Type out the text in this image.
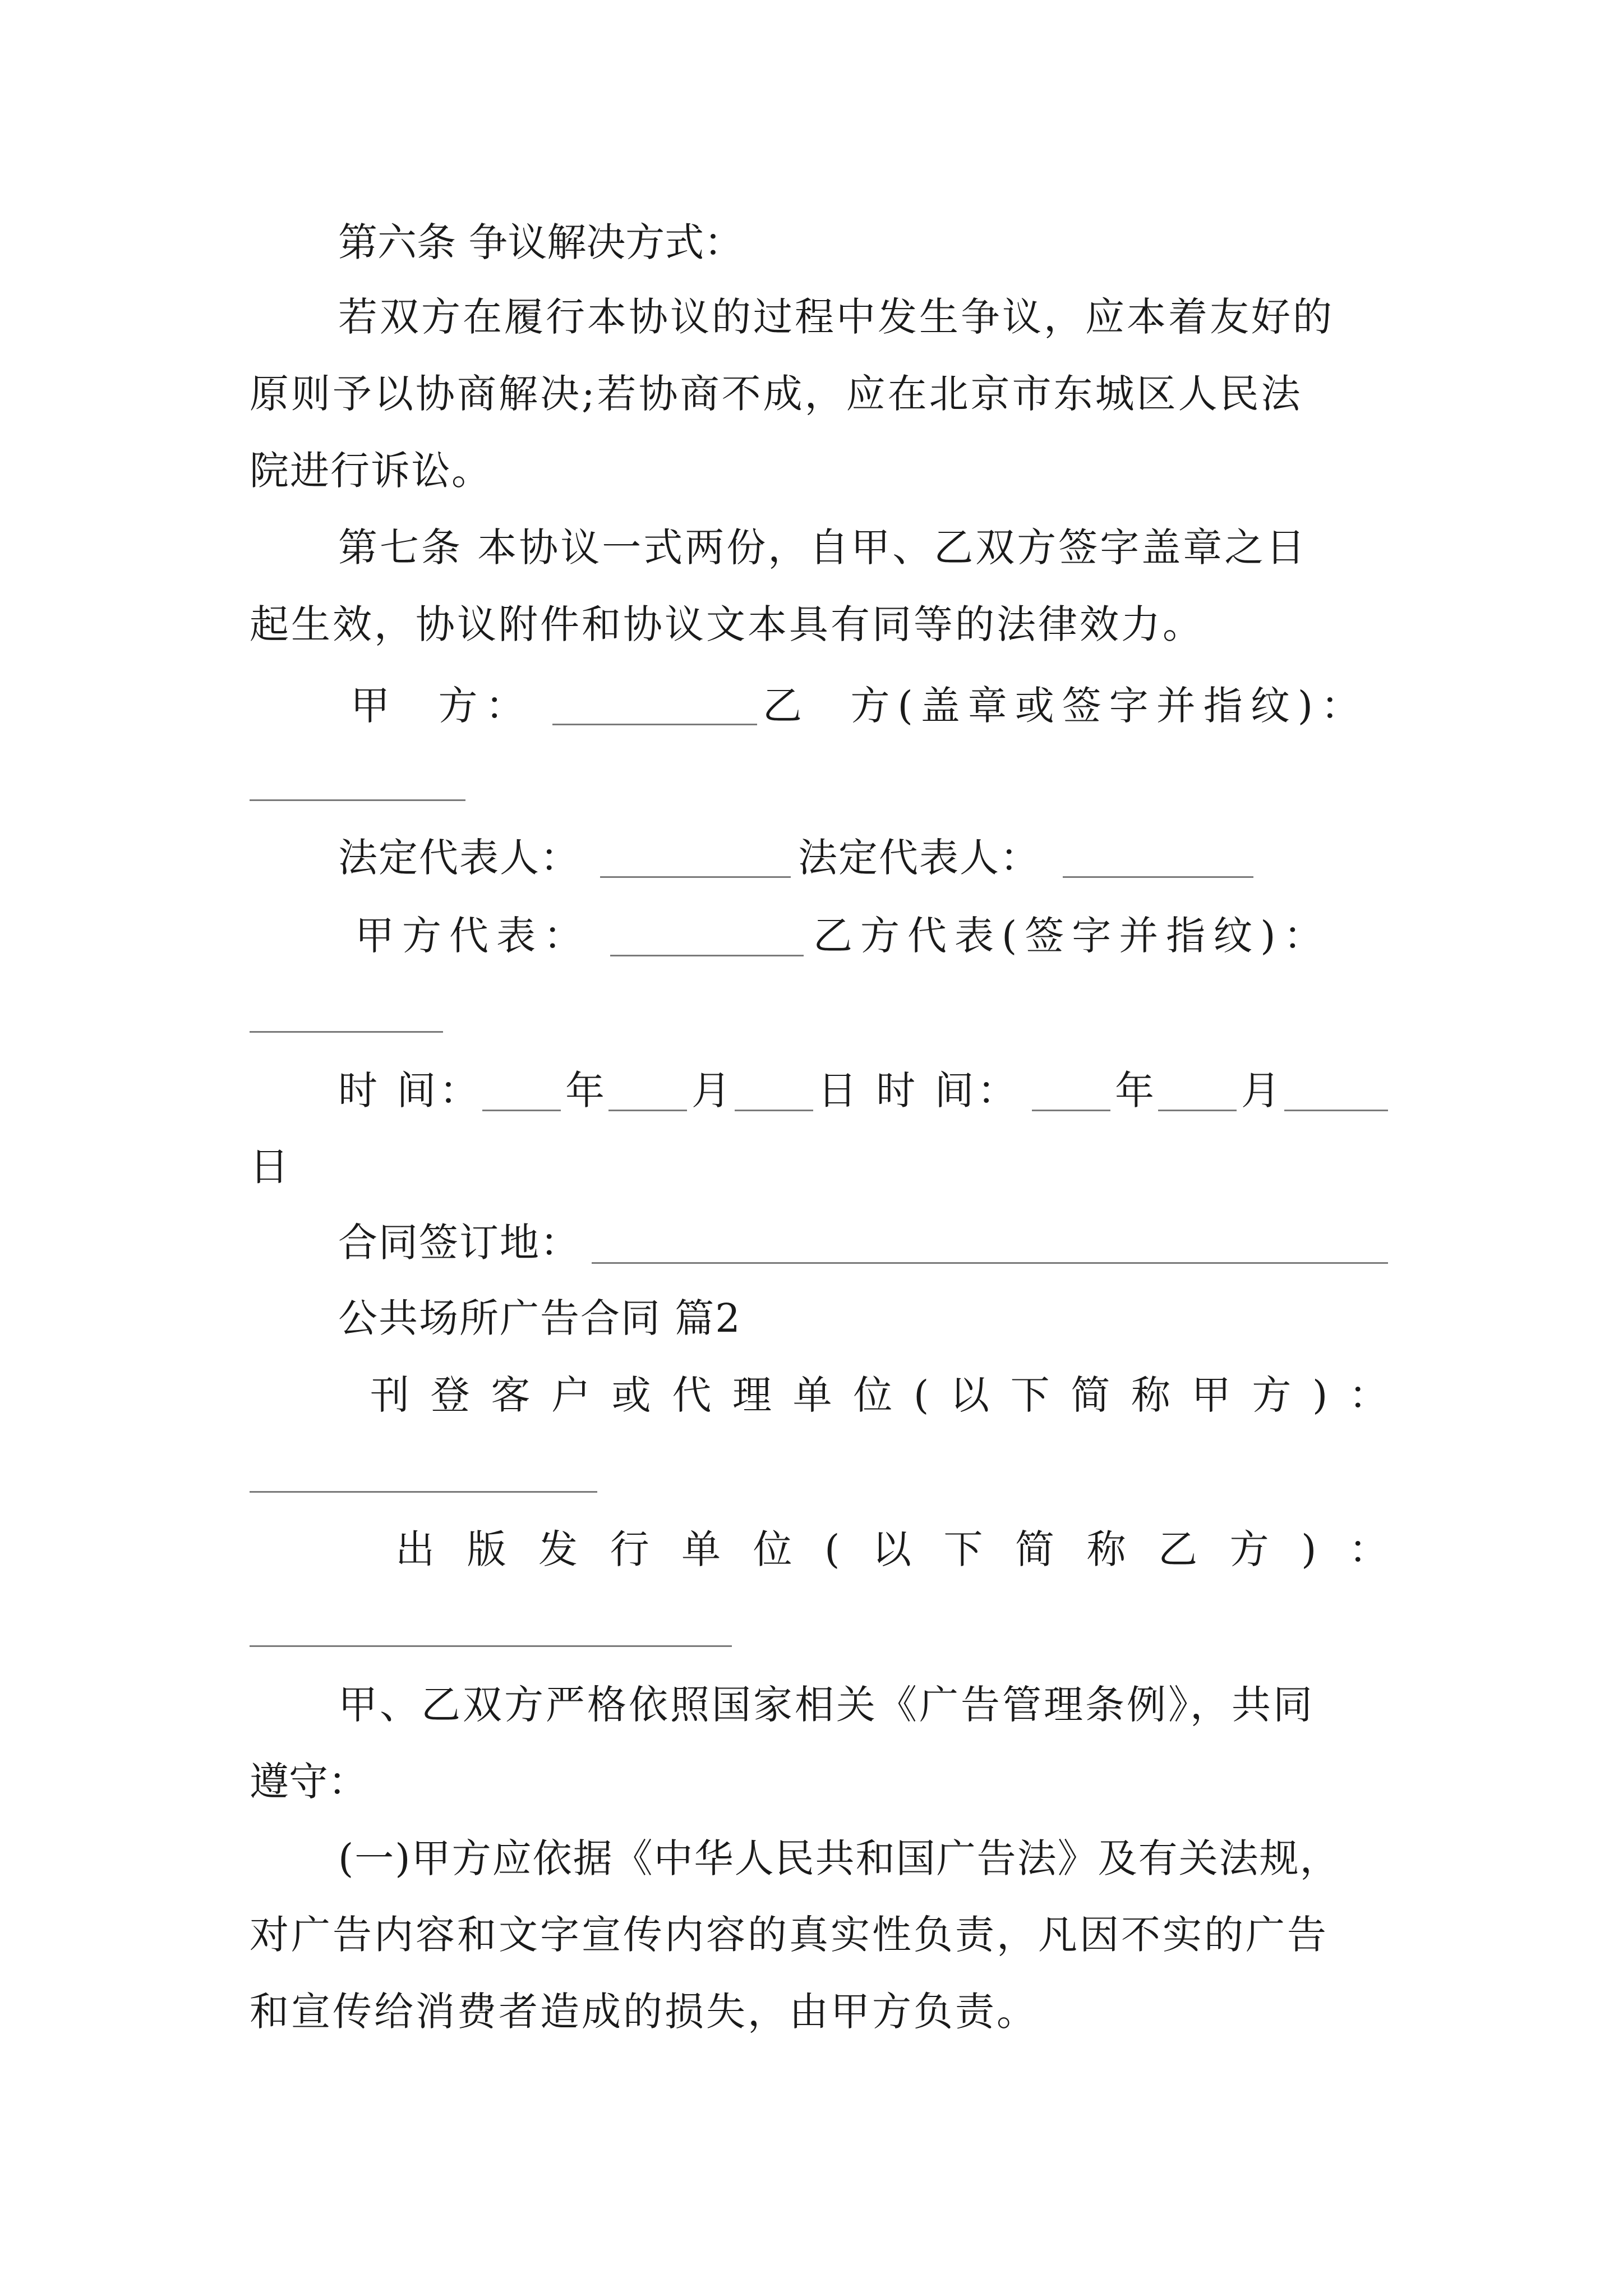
第六条 争议解决方式：
若双方在履行本协议的过程中发生争议，应本着友好的
原则予以协商解决;若协商不成，应在北京市东城区人民法
院进行诉讼。
第七条 本协议一式两份，自甲、乙双方签字盖章之日
起生效，协议附件和协议文本具有同等的法律效力。
甲  方：	乙  方(盖章或签字并指纹)：
法定代表人：	法定代表人：
甲方代表：	乙方代表(签字并指纹)：
时 间： 年 月 日 时 间： 年 月
日
合同签订地：
公共场所广告合同 篇2
刊登客户或代理单位(以下简称甲方)：
出版发行单位(以下简称乙方)：
甲、乙双方严格依照国家相关《广告管理条例》，共同
遵守：
(一)甲方应依据《中华人民共和国广告法》及有关法规，
对广告内容和文字宣传内容的真实性负责，凡因不实的广告
和宣传给消费者造成的损失，由甲方负责。
